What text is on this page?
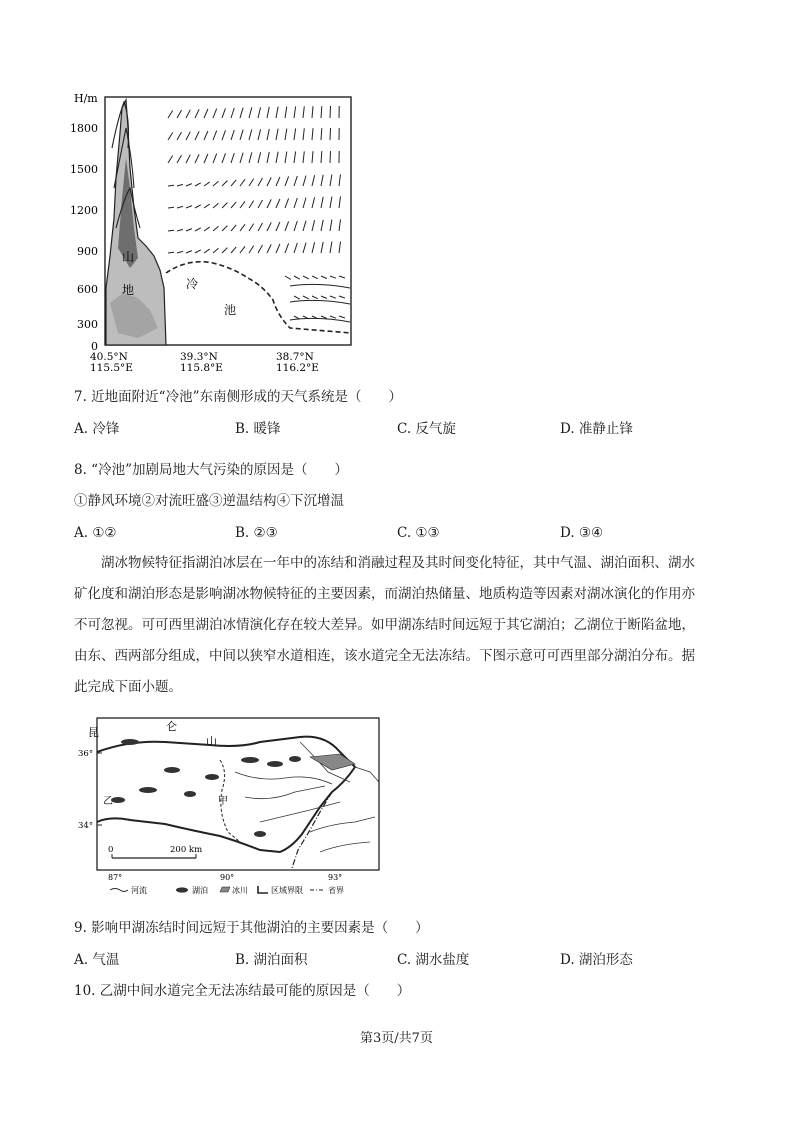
H/m
1800
1500
1200
900
600
300
0
山
地	冷
池
40.5°N
115.5°E
39.3°N
115.8°E
38.7°N
116.2°E
7. 近地面附近“冷池”东南侧形成的天气系统是（　　）
A. 冷锋	B. 暖锋	C. 反气旋	D. 准静止锋
8. “冷池”加剧局地大气污染的原因是（　　）
①静风环境②对流旺盛③逆温结构④下沉增温
A. ①②	B. ②③	C. ①③	D. ③④
湖冰物候特征指湖泊冰层在一年中的冻结和消融过程及其时间变化特征，其中气温、湖泊面积、湖水
矿化度和湖泊形态是影响湖冰物候特征的主要因素，而湖泊热储量、地质构造等因素对湖冰演化的作用亦
不可忽视。可可西里湖泊冰情演化存在较大差异。如甲湖冻结时间远短于其它湖泊；乙湖位于断陷盆地，
由东、西两部分组成，中间以狭窄水道相连，该水道完全无法冻结。下图示意可可西里部分湖泊分布。据
此完成下面小题。
36°
34°
昆	仑
山
甲
乙
0	200 km
87°	90°	93°
河流	湖泊	冰川	区域界限	省界
9. 影响甲湖冻结时间远短于其他湖泊的主要因素是（　　）
A. 气温	B. 湖泊面积	C. 湖水盐度	D. 湖泊形态
10. 乙湖中间水道完全无法冻结最可能的原因是（　　）
第3页/共7页
